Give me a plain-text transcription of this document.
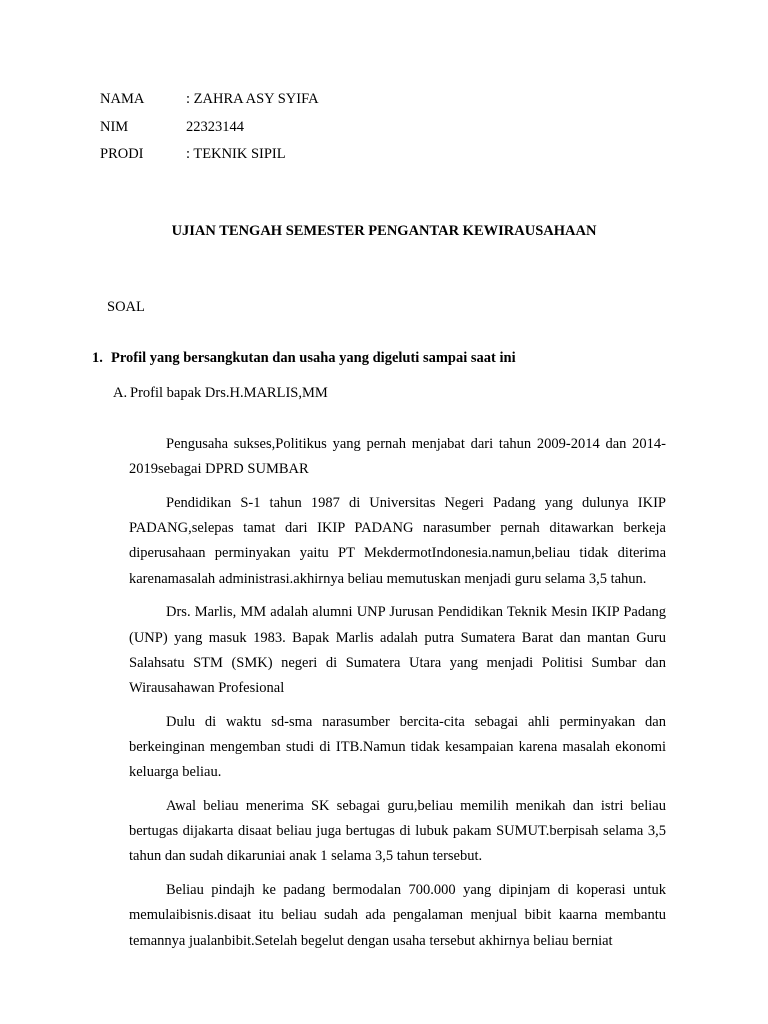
NAMA	: ZAHRA ASY SYIFA
NIM	22323144
PRODI	: TEKNIK SIPIL
UJIAN TENGAH SEMESTER PENGANTAR KEWIRAUSAHAAN
SOAL
1. Profil yang bersangkutan dan usaha yang digeluti sampai saat ini
A. Profil bapak Drs.H.MARLIS,MM

Pengusaha sukses,Politikus yang pernah menjabat dari tahun 2009-2014 dan 2014- 2019sebagai DPRD SUMBAR

Pendidikan S-1 tahun 1987 di Universitas Negeri Padang yang dulunya IKIP PADANG,selepas tamat dari IKIP PADANG narasumber pernah ditawarkan berkeja diperusahaan perminyakan yaitu PT MekdermotIndonesia.namun,beliau tidak diterima karenamasalah administrasi.akhirnya beliau memutuskan menjadi guru selama 3,5 tahun.

Drs. Marlis, MM adalah alumni UNP Jurusan Pendidikan Teknik Mesin IKIP Padang (UNP) yang masuk 1983. Bapak Marlis adalah putra Sumatera Barat dan mantan Guru Salahsatu STM (SMK) negeri di Sumatera Utara yang menjadi Politisi Sumbar dan Wirausahawan Profesional

Dulu di waktu sd-sma narasumber bercita-cita sebagai ahli perminyakan dan berkeinginan mengemban studi di ITB.Namun tidak kesampaian karena masalah ekonomi keluarga beliau.

Awal beliau menerima SK sebagai guru,beliau memilih menikah dan istri beliau bertugas dijakarta disaat beliau juga bertugas di lubuk pakam SUMUT.berpisah selama 3,5 tahun dan sudah dikaruniai anak 1 selama 3,5 tahun tersebut.

Beliau pindajh ke padang bermodalan 700.000 yang dipinjam di koperasi untuk memulaibisnis.disaat itu beliau sudah ada pengalaman menjual bibit kaarna membantu temannya jualanbibit.Setelah begelut dengan usaha tersebut akhirnya beliau berniat
